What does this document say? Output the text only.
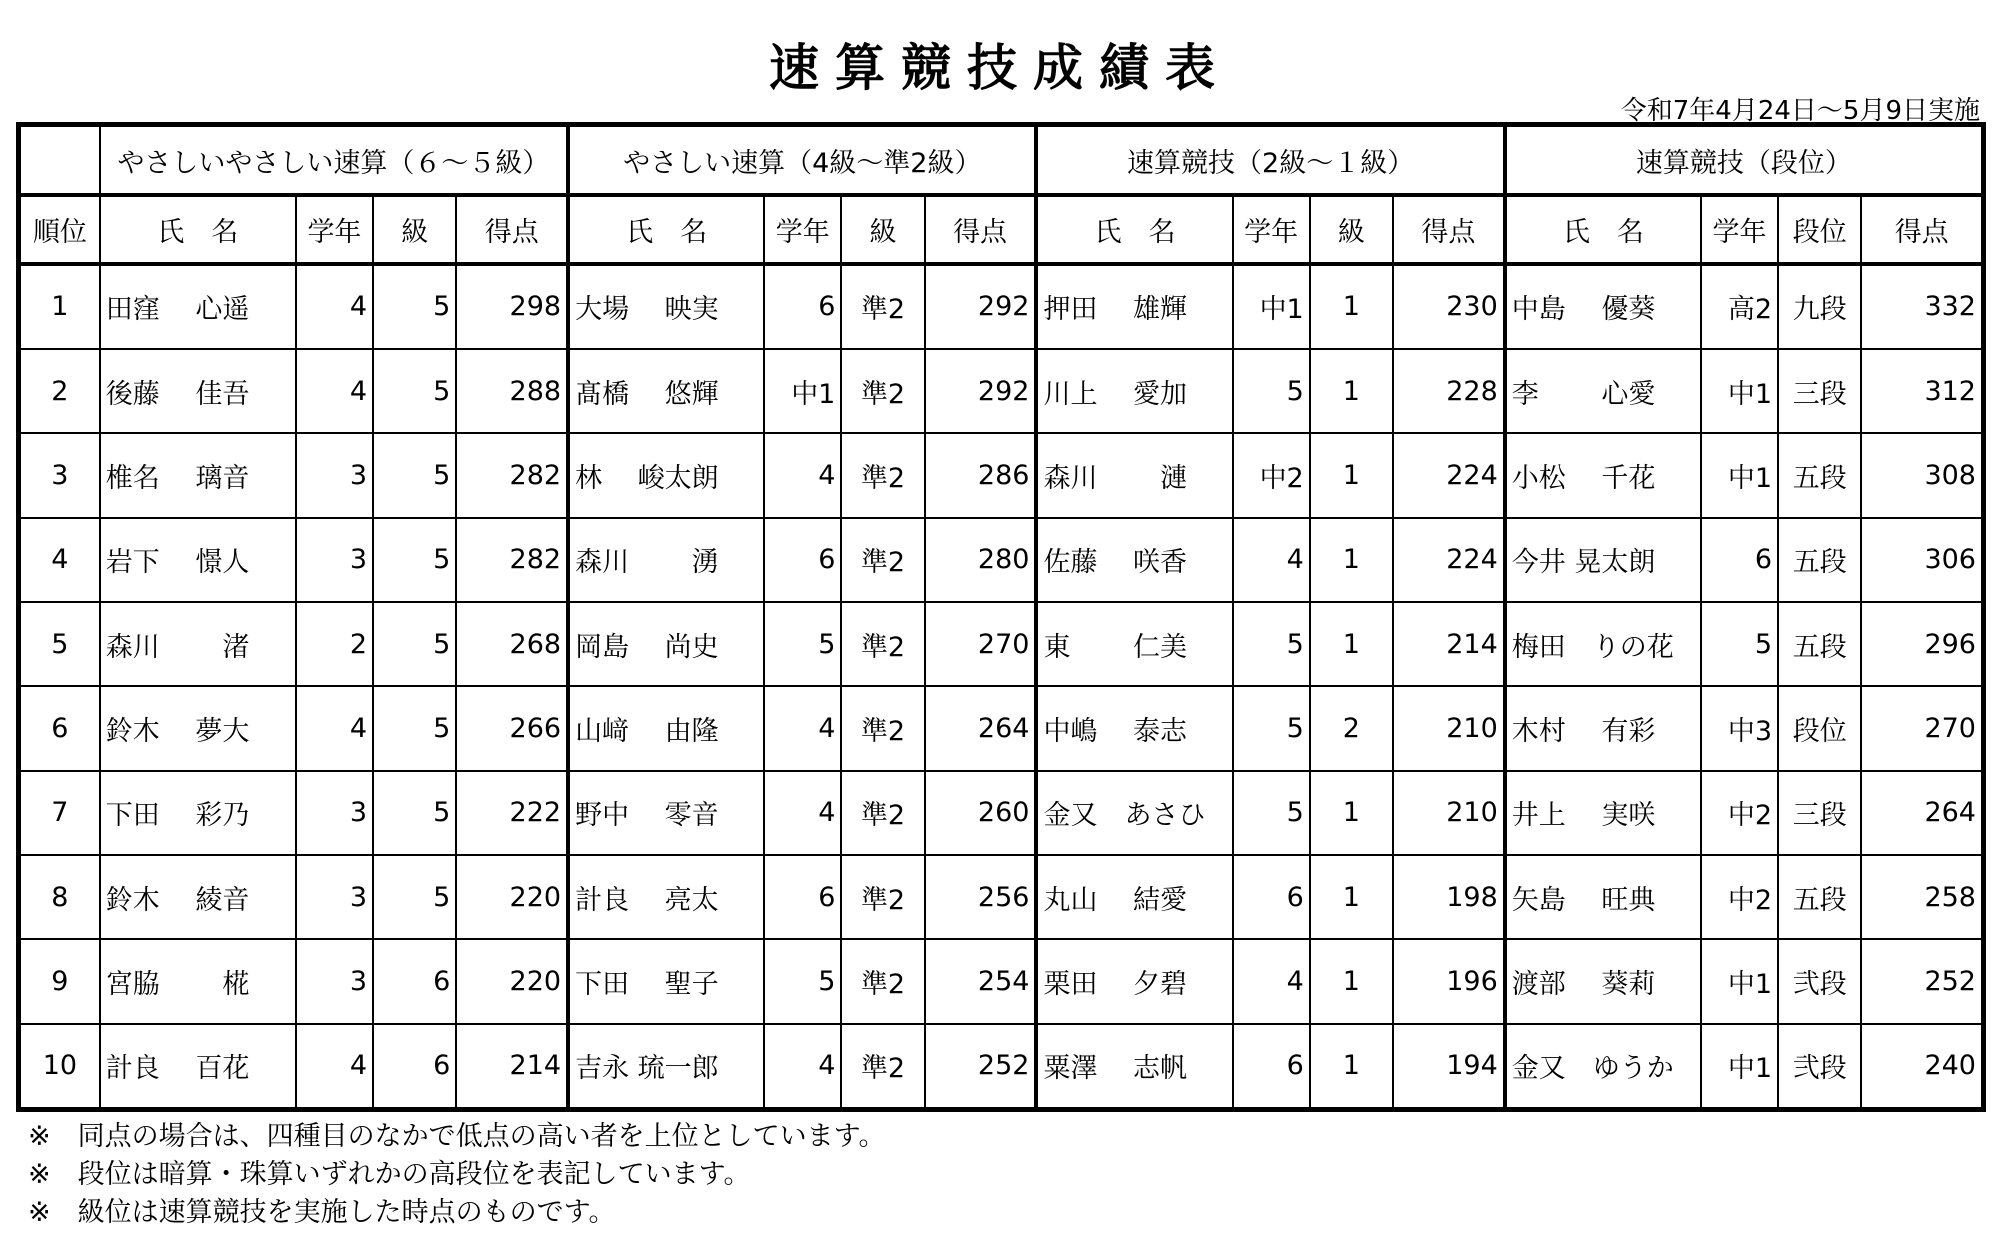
速算競技成績表
令和7年4月24日～5月9日実施
	やさしいやさしい速算（６～５級）				やさしい速算（4級～準2級）				速算競技（2級～１級）				速算競技（段位）			
順位	氏　名	学年	級	得点	氏　名	学年	級	得点	氏　名	学年	級	得点	氏　名	学年	段位	得点
1	田窪　 心遥	4	5	298	大場　 映実	6	準2	292	押田　 雄輝	中1	1	230	中島　 優葵	高2	九段	332
2	後藤　 佳吾	4	5	288	髙橋　 悠輝	中1	準2	292	川上　 愛加	5	1	228	李　　 心愛	中1	三段	312
3	椎名　 璃音	3	5	282	林　 峻太朗	4	準2	286	森川　　 漣	中2	1	224	小松　 千花	中1	五段	308
4	岩下　 憬人	3	5	282	森川　　 湧	6	準2	280	佐藤　 咲香	4	1	224	今井 晃太朗	6	五段	306
5	森川　　 渚	2	5	268	岡島　 尚史	5	準2	270	東　　 仁美	5	1	214	梅田　りの花	5	五段	296
6	鈴木　 夢大	4	5	266	山﨑　 由隆	4	準2	264	中嶋　 泰志	5	2	210	木村　 有彩	中3	段位	270
7	下田　 彩乃	3	5	222	野中　 零音	4	準2	260	金又　あさひ	5	1	210	井上　 実咲	中2	三段	264
8	鈴木　 綾音	3	5	220	計良　 亮太	6	準2	256	丸山　 結愛	6	1	198	矢島　 旺典	中2	五段	258
9	宮脇　　 椛	3	6	220	下田　 聖子	5	準2	254	栗田　 夕碧	4	1	196	渡部　 葵莉	中1	弐段	252
10	計良　 百花	4	6	214	吉永 琉一郎	4	準2	252	粟澤　 志帆	6	1	194	金又　ゆうか	中1	弐段	240
※　同点の場合は、四種目のなかで低点の高い者を上位としています。
※　段位は暗算・珠算いずれかの高段位を表記しています。
※　級位は速算競技を実施した時点のものです。
